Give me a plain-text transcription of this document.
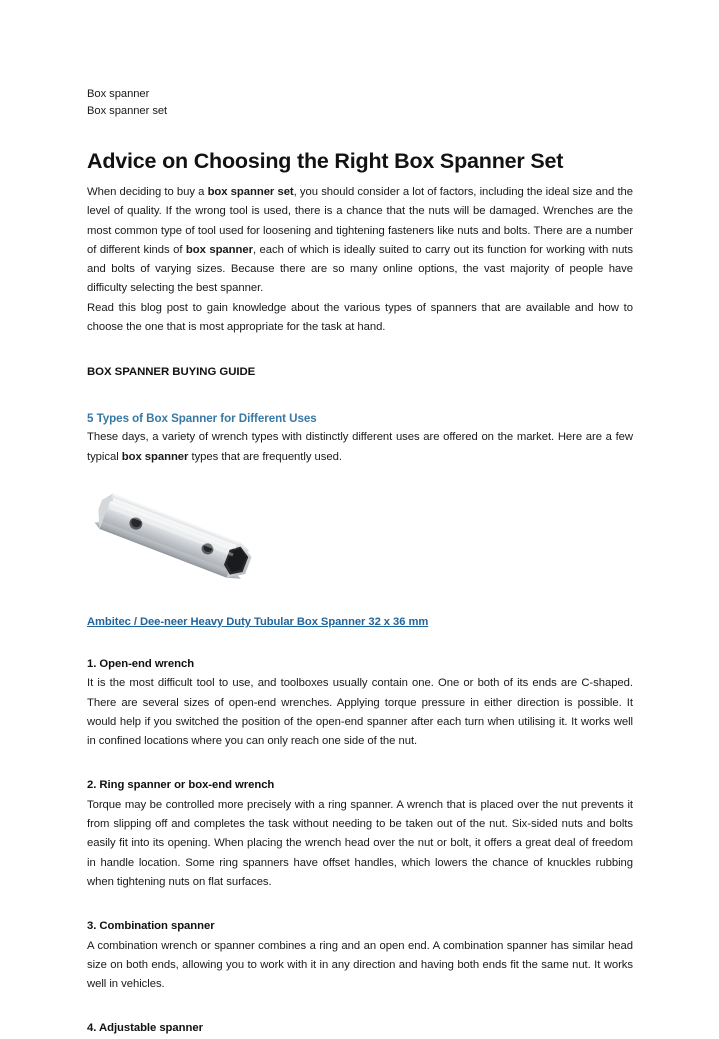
Box spanner
Box spanner set
Advice on Choosing the Right Box Spanner Set

When deciding to buy a box spanner set, you should consider a lot of factors, including the ideal size and the level of quality. If the wrong tool is used, there is a chance that the nuts will be damaged. Wrenches are the most common type of tool used for loosening and tightening fasteners like nuts and bolts. There are a number of different kinds of box spanner, each of which is ideally suited to carry out its function for working with nuts and bolts of varying sizes. Because there are so many online options, the vast majority of people have difficulty selecting the best spanner.

Read this blog post to gain knowledge about the various types of spanners that are available and how to choose the one that is most appropriate for the task at hand.

BOX SPANNER BUYING GUIDE
5 Types of Box Spanner for Different Uses

These days, a variety of wrench types with distinctly different uses are offered on the market. Here are a few typical box spanner types that are frequently used.

Ambitec / Dee-neer Heavy Duty Tubular Box Spanner 32 x 36 mm
1. Open-end wrench

It is the most difficult tool to use, and toolboxes usually contain one. One or both of its ends are C-shaped. There are several sizes of open-end wrenches. Applying torque pressure in either direction is possible. It would help if you switched the position of the open-end spanner after each turn when utilising it. It works well in confined locations where you can only reach one side of the nut.

2. Ring spanner or box-end wrench

Torque may be controlled more precisely with a ring spanner. A wrench that is placed over the nut prevents it from slipping off and completes the task without needing to be taken out of the nut. Six-sided nuts and bolts easily fit into its opening. When placing the wrench head over the nut or bolt, it offers a great deal of freedom in handle location. Some ring spanners have offset handles, which lowers the chance of knuckles rubbing when tightening nuts on flat surfaces.

3. Combination spanner

A combination wrench or spanner combines a ring and an open end. A combination spanner has similar head size on both ends, allowing you to work with it in any direction and having both ends fit the same nut. It works well in vehicles.

4. Adjustable spanner
